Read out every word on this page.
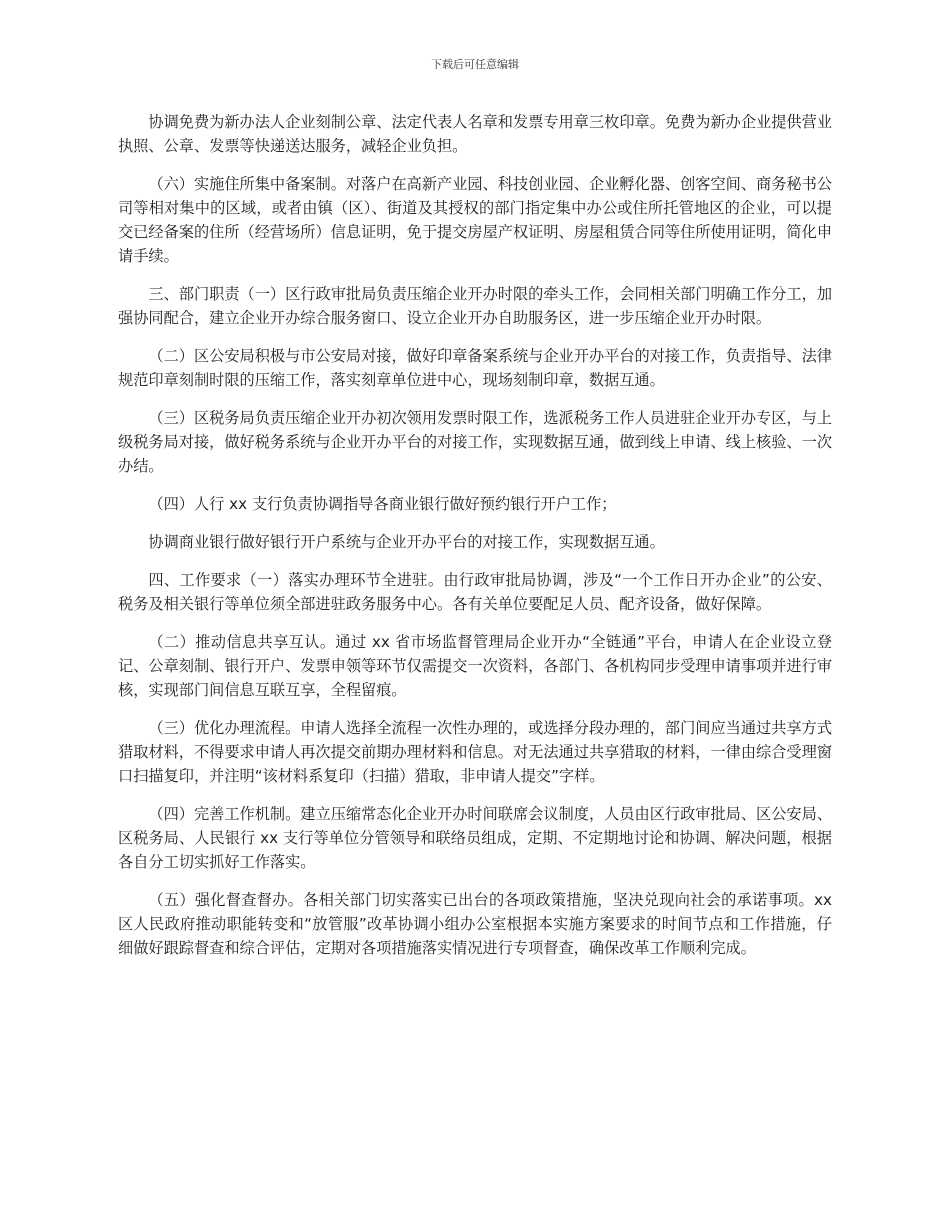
下载后可任意编辑

协调免费为新办法人企业刻制公章、法定代表人名章和发票专用章三枚印章。免费为新办企业提供营业执照、公章、发票等快递送达服务，减轻企业负担。

（六）实施住所集中备案制。对落户在高新产业园、科技创业园、企业孵化器、创客空间、商务秘书公司等相对集中的区域，或者由镇（区）、街道及其授权的部门指定集中办公或住所托管地区的企业，可以提交已经备案的住所（经营场所）信息证明，免于提交房屋产权证明、房屋租赁合同等住所使用证明，简化申请手续。

三、部门职责（一）区行政审批局负责压缩企业开办时限的牵头工作，会同相关部门明确工作分工，加强协同配合，建立企业开办综合服务窗口、设立企业开办自助服务区，进一步压缩企业开办时限。

（二）区公安局积极与市公安局对接，做好印章备案系统与企业开办平台的对接工作，负责指导、法律规范印章刻制时限的压缩工作，落实刻章单位进中心，现场刻制印章，数据互通。

（三）区税务局负责压缩企业开办初次领用发票时限工作，选派税务工作人员进驻企业开办专区，与上级税务局对接，做好税务系统与企业开办平台的对接工作，实现数据互通，做到线上申请、线上核验、一次办结。

（四）人行 xx 支行负责协调指导各商业银行做好预约银行开户工作；

协调商业银行做好银行开户系统与企业开办平台的对接工作，实现数据互通。

四、工作要求（一）落实办理环节全进驻。由行政审批局协调，涉及“一个工作日开办企业”的公安、税务及相关银行等单位须全部进驻政务服务中心。各有关单位要配足人员、配齐设备，做好保障。

（二）推动信息共享互认。通过 xx 省市场监督管理局企业开办“全链通”平台，申请人在企业设立登记、公章刻制、银行开户、发票申领等环节仅需提交一次资料，各部门、各机构同步受理申请事项并进行审核，实现部门间信息互联互享，全程留痕。

（三）优化办理流程。申请人选择全流程一次性办理的，或选择分段办理的，部门间应当通过共享方式猎取材料，不得要求申请人再次提交前期办理材料和信息。对无法通过共享猎取的材料，一律由综合受理窗口扫描复印，并注明“该材料系复印（扫描）猎取，非申请人提交”字样。

（四）完善工作机制。建立压缩常态化企业开办时间联席会议制度，人员由区行政审批局、区公安局、区税务局、人民银行 xx 支行等单位分管领导和联络员组成，定期、不定期地讨论和协调、解决问题，根据各自分工切实抓好工作落实。

（五）强化督查督办。各相关部门切实落实已出台的各项政策措施，坚决兑现向社会的承诺事项。xx 区人民政府推动职能转变和“放管服”改革协调小组办公室根据本实施方案要求的时间节点和工作措施，仔细做好跟踪督查和综合评估，定期对各项措施落实情况进行专项督查，确保改革工作顺利完成。
